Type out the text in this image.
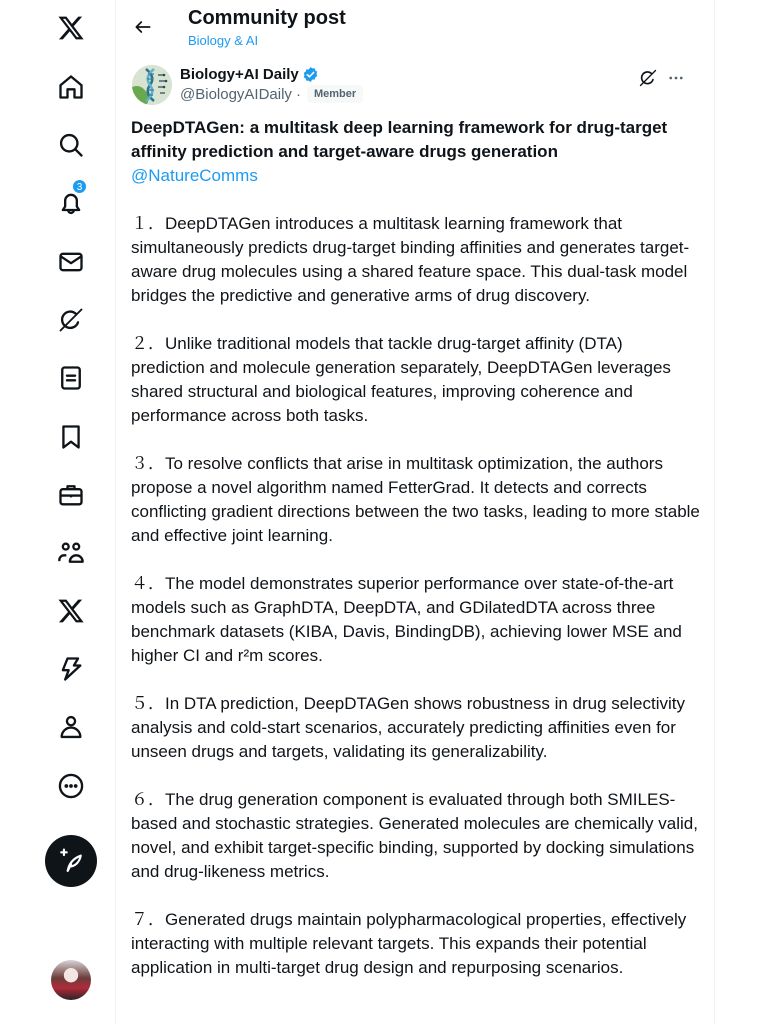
3
Community post
Biology & AI
Biology+AI Daily
@BiologyAIDaily ·	Member
DeepDTAGen: a multitask deep learning framework for drug-target affinity prediction and target-aware drugs generation
@NatureComms
１．DeepDTAGen introduces a multitask learning framework that simultaneously predicts drug-target binding affinities and generates target-aware drug molecules using a shared feature space. This dual-task model bridges the predictive and generative arms of drug discovery.
２．Unlike traditional models that tackle drug-target affinity (DTA) prediction and molecule generation separately, DeepDTAGen leverages shared structural and biological features, improving coherence and performance across both tasks.
３．To resolve conflicts that arise in multitask optimization, the authors propose a novel algorithm named FetterGrad. It detects and corrects conflicting gradient directions between the two tasks, leading to more stable and effective joint learning.
４．The model demonstrates superior performance over state-of-the-art models such as GraphDTA, DeepDTA, and GDilatedDTA across three benchmark datasets (KIBA, Davis, BindingDB), achieving lower MSE and higher CI and r²m scores.
５．In DTA prediction, DeepDTAGen shows robustness in drug selectivity analysis and cold-start scenarios, accurately predicting affinities even for unseen drugs and targets, validating its generalizability.
６．The drug generation component is evaluated through both SMILES-based and stochastic strategies. Generated molecules are chemically valid, novel, and exhibit target-specific binding, supported by docking simulations and drug-likeness metrics.
７．Generated drugs maintain polypharmacological properties, effectively interacting with multiple relevant targets. This expands their potential application in multi-target drug design and repurposing scenarios.
